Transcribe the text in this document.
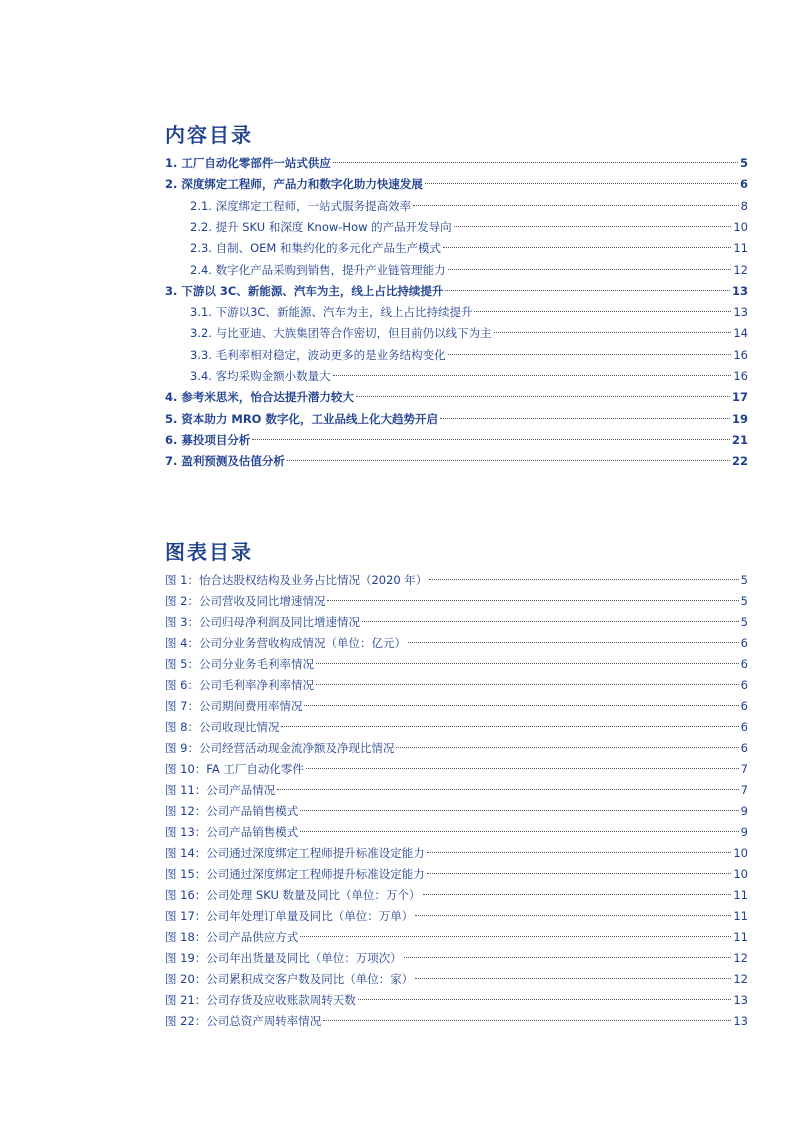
内容目录
1. 工厂自动化零部件一站式供应	5
2. 深度绑定工程师，产品力和数字化助力快速发展	6
2.1. 深度绑定工程师，一站式服务提高效率	8
2.2. 提升 SKU 和深度 Know-How 的产品开发导向	10
2.3. 自制、OEM 和集约化的多元化产品生产模式	11
2.4. 数字化产品采购到销售，提升产业链管理能力	12
3. 下游以 3C、新能源、汽车为主，线上占比持续提升	13
3.1. 下游以3C、新能源、汽车为主，线上占比持续提升	13
3.2. 与比亚迪、大族集团等合作密切，但目前仍以线下为主	14
3.3. 毛利率相对稳定，波动更多的是业务结构变化	16
3.4. 客均采购金额小数量大	16
4. 参考米思米，怡合达提升潜力较大	17
5. 资本助力 MRO 数字化，工业品线上化大趋势开启	19
6. 募投项目分析	21
7. 盈利预测及估值分析	22
图表目录
图 1：怡合达股权结构及业务占比情况（2020 年）	5
图 2：公司营收及同比增速情况	5
图 3：公司归母净利润及同比增速情况	5
图 4：公司分业务营收构成情况（单位：亿元）	6
图 5：公司分业务毛利率情况	6
图 6：公司毛利率净利率情况	6
图 7：公司期间费用率情况	6
图 8：公司收现比情况	6
图 9：公司经营活动现金流净额及净现比情况	6
图 10：FA 工厂自动化零件	7
图 11：公司产品情况	7
图 12：公司产品销售模式	9
图 13：公司产品销售模式	9
图 14：公司通过深度绑定工程师提升标准设定能力	10
图 15：公司通过深度绑定工程师提升标准设定能力	10
图 16：公司处理 SKU 数量及同比（单位：万个）	11
图 17：公司年处理订单量及同比（单位：万单）	11
图 18：公司产品供应方式	11
图 19：公司年出货量及同比（单位：万项次）	12
图 20：公司累积成交客户数及同比（单位：家）	12
图 21：公司存货及应收账款周转天数	13
图 22：公司总资产周转率情况	13
